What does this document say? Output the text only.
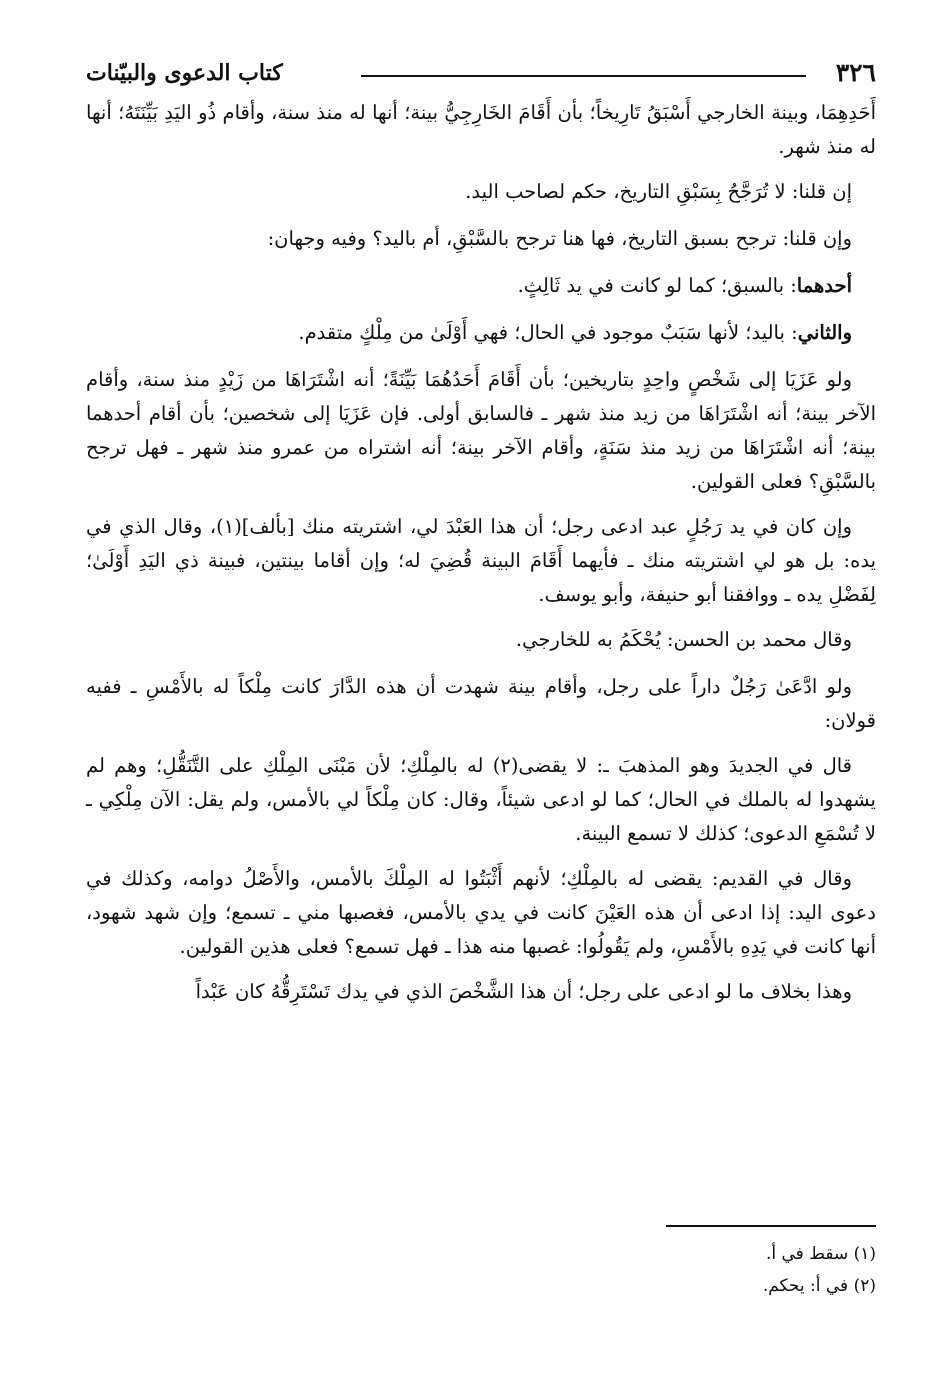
٣٢٦
كتاب الدعوى والبيّنات

أَحَدِهِمَا، وبينة الخارجي أَسْبَقُ تَارِيخاً؛ بأن أَقَامَ الخَارِجِيُّ بينة؛ أنها له منذ سنة، وأقام ذُو اليَدِ بَيِّنَتَهُ؛ أنها له منذ شهر.

إن قلنا: لا تُرَجَّحُ بِسَبْقِ التاريخ، حكم لصاحب اليد.

وإن قلنا: ترجح بسبق التاريخ، فها هنا ترجح بالسَّبْقِ، أم باليد؟ وفيه وجهان:

أحدهما: بالسبق؛ كما لو كانت في يد ثَالِثٍ.

والثاني: باليد؛ لأنها سَبَبٌ موجود في الحال؛ فهي أَوْلَىٰ من مِلْكٍ متقدم.

ولو عَزَيَا إلى شَخْصٍ واحِدٍ بتاريخين؛ بأن أَقَامَ أَحَدُهُمَا بَيِّنَةً؛ أنه اشْتَرَاهَا من زَيْدٍ منذ سنة، وأقام الآخر بينة؛ أنه اشْتَرَاهَا من زيد منذ شهر ـ فالسابق أولى. فإن عَزَيَا إلى شخصين؛ بأن أقام أحدهما بينة؛ أنه اشْتَرَاهَا من زيد منذ سَنَةٍ، وأقام الآخر بينة؛ أنه اشتراه من عمرو منذ شهر ـ فهل ترجح بالسَّبْقِ؟ فعلى القولين.

وإن كان في يد رَجُلٍ عبد ادعى رجل؛ أن هذا العَبْدَ لي، اشتريته منك [بألف](١)، وقال الذي في يده: بل هو لي اشتريته منك ـ فأيهما أَقَامَ البينة قُضِيَ له؛ وإن أقاما بينتين، فبينة ذي اليَدِ أَوْلَىٰ؛ لِفَضْلِ يده ـ ووافقنا أبو حنيفة، وأبو يوسف.

وقال محمد بن الحسن: يُحْكَمُ به للخارجي.

ولو ادَّعَىٰ رَجُلٌ داراً على رجل، وأقام بينة شهدت أن هذه الدَّارَ كانت مِلْكاً له بالأَمْسِ ـ ففيه قولان:

قال في الجديدَ وهو المذهبَ ـ: لا يقضى(٢) له بالمِلْكِ؛ لأن مَبْنَى المِلْكِ على التَّنَقُّلِ؛ وهم لم يشهدوا له بالملك في الحال؛ كما لو ادعى شيئاً، وقال: كان مِلْكاً لي بالأمس، ولم يقل: الآن مِلْكِي ـ لا تُسْمَعِ الدعوى؛ كذلك لا تسمع البينة.

وقال في القديم: يقضى له بالمِلْكِ؛ لأنهم أَثْبَتُوا له المِلْكَ بالأمس، والأَصْلُ دوامه، وكذلك في دعوى اليد: إذا ادعى أن هذه العَيْنَ كانت في يدي بالأمس، فغصبها مني ـ تسمع؛ وإن شهد شهود، أنها كانت في يَدِهِ بالأَمْسِ، ولم يَقُولُوا: غصبها منه هذا ـ فهل تسمع؟ فعلى هذين القولين.

وهذا بخلاف ما لو ادعى على رجل؛ أن هذا الشَّخْصَ الذي في يدك تَسْتَرِقُّهُ كان عَبْداً

(١) سقط في أ.

(٢) في أ: يحكم.
